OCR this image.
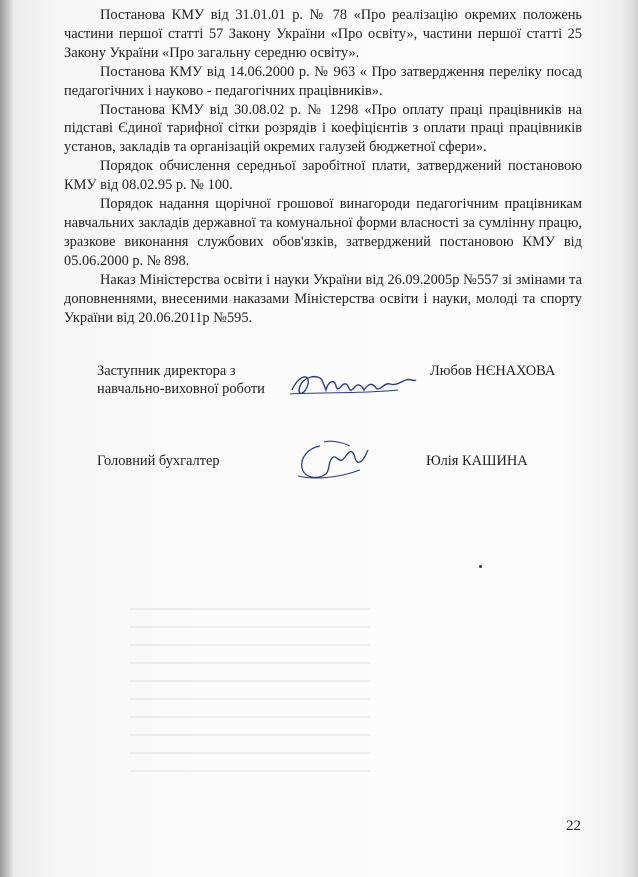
Постанова КМУ від 31.01.01 р. № 78 «Про реалізацію окремих положень частини першої статті 57 Закону України «Про освіту», частини першої статті 25 Закону України «Про загальну середню освіту».

Постанова КМУ від 14.06.2000 р. № 963 « Про затвердження переліку посад педагогічних і науково - педагогічних працівників».

Постанова КМУ від 30.08.02 р. № 1298 «Про оплату праці працівників на підставі Єдиної тарифної сітки розрядів і коефіцієнтів з оплати праці працівників установ, закладів та організацій окремих галузей бюджетної сфери».

Порядок обчислення середньої заробітної плати, затверджений постановою КМУ від 08.02.95 р. № 100.

Порядок надання щорічної грошової винагороди педагогічним працівникам навчальних закладів державної та комунальної форми власності за сумлінну працю, зразкове виконання службових обов'язків, затверджений постановою КМУ від 05.06.2000 р. № 898.

Наказ Міністерства освіти і науки України від 26.09.2005р №557 зі змінами та доповненнями, внесеними наказами Міністерства освіти і науки, молоді та спорту України від 20.06.2011р №595.

Заступник директора з навчально-виховної роботи
Любов НЄНАХОВА
Головний бухгалтер	Юлія КАШИНА
22
